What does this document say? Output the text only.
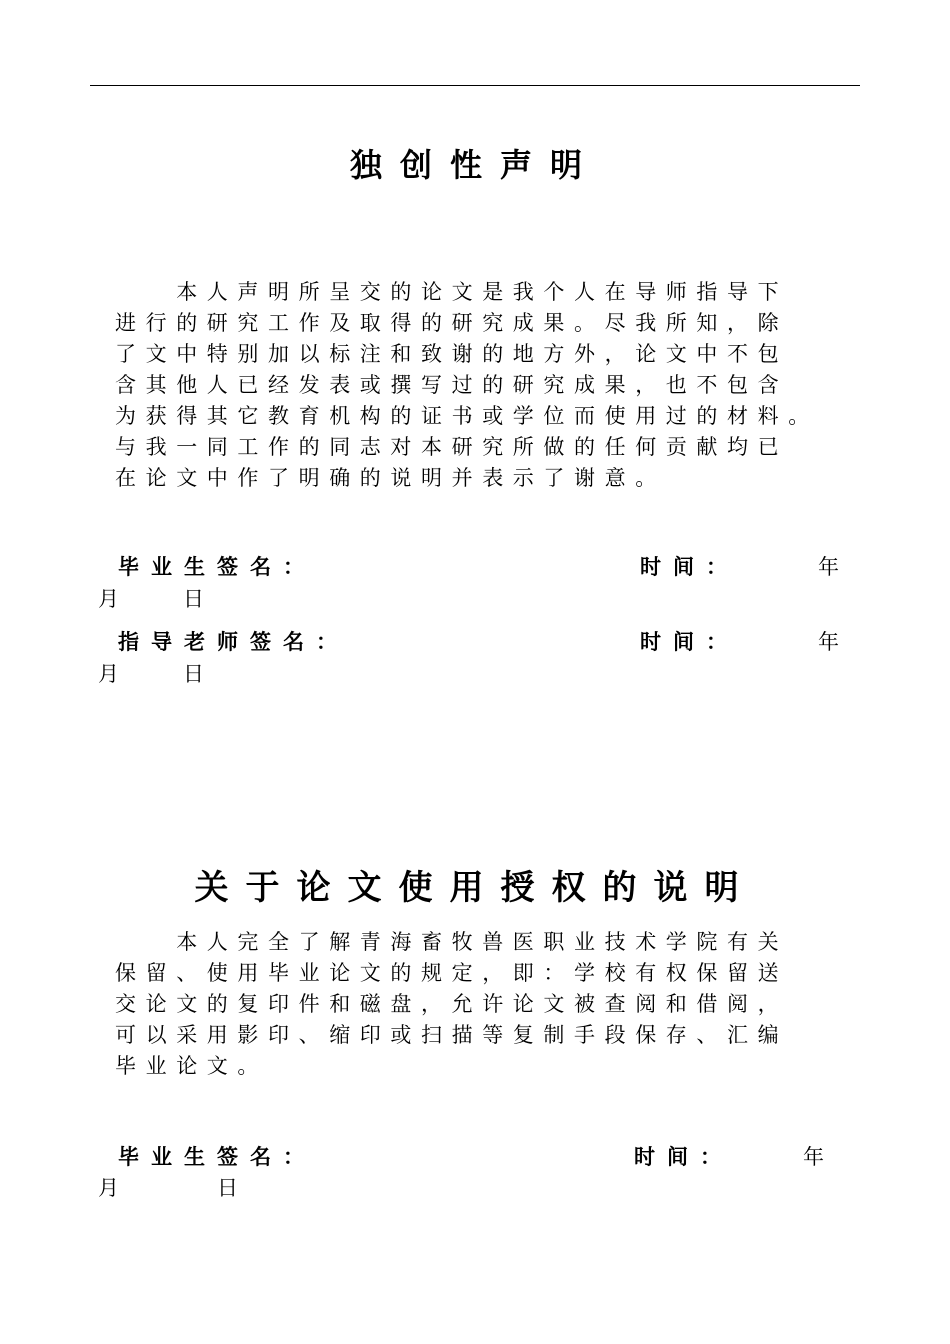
独创性声明
　　本人声明所呈交的论文是我个人在导师指导下
进行的研究工作及取得的研究成果。尽我所知，除
了文中特别加以标注和致谢的地方外，论文中不包
含其他人已经发表或撰写过的研究成果，也不包含
为获得其它教育机构的证书或学位而使用过的材料。
与我一同工作的同志对本研究所做的任何贡献均已
在论文中作了明确的说明并表示了谢意。
毕业生签名：	时间：	年
月	日
指导老师签名：	时间：	年
月	日
关于论文使用授权的说明
　　本人完全了解青海畜牧兽医职业技术学院有关
保留、使用毕业论文的规定，即：学校有权保留送
交论文的复印件和磁盘，允许论文被查阅和借阅，
可以采用影印、缩印或扫描等复制手段保存、汇编
毕业论文。
毕业生签名：	时间：	年
月	日
